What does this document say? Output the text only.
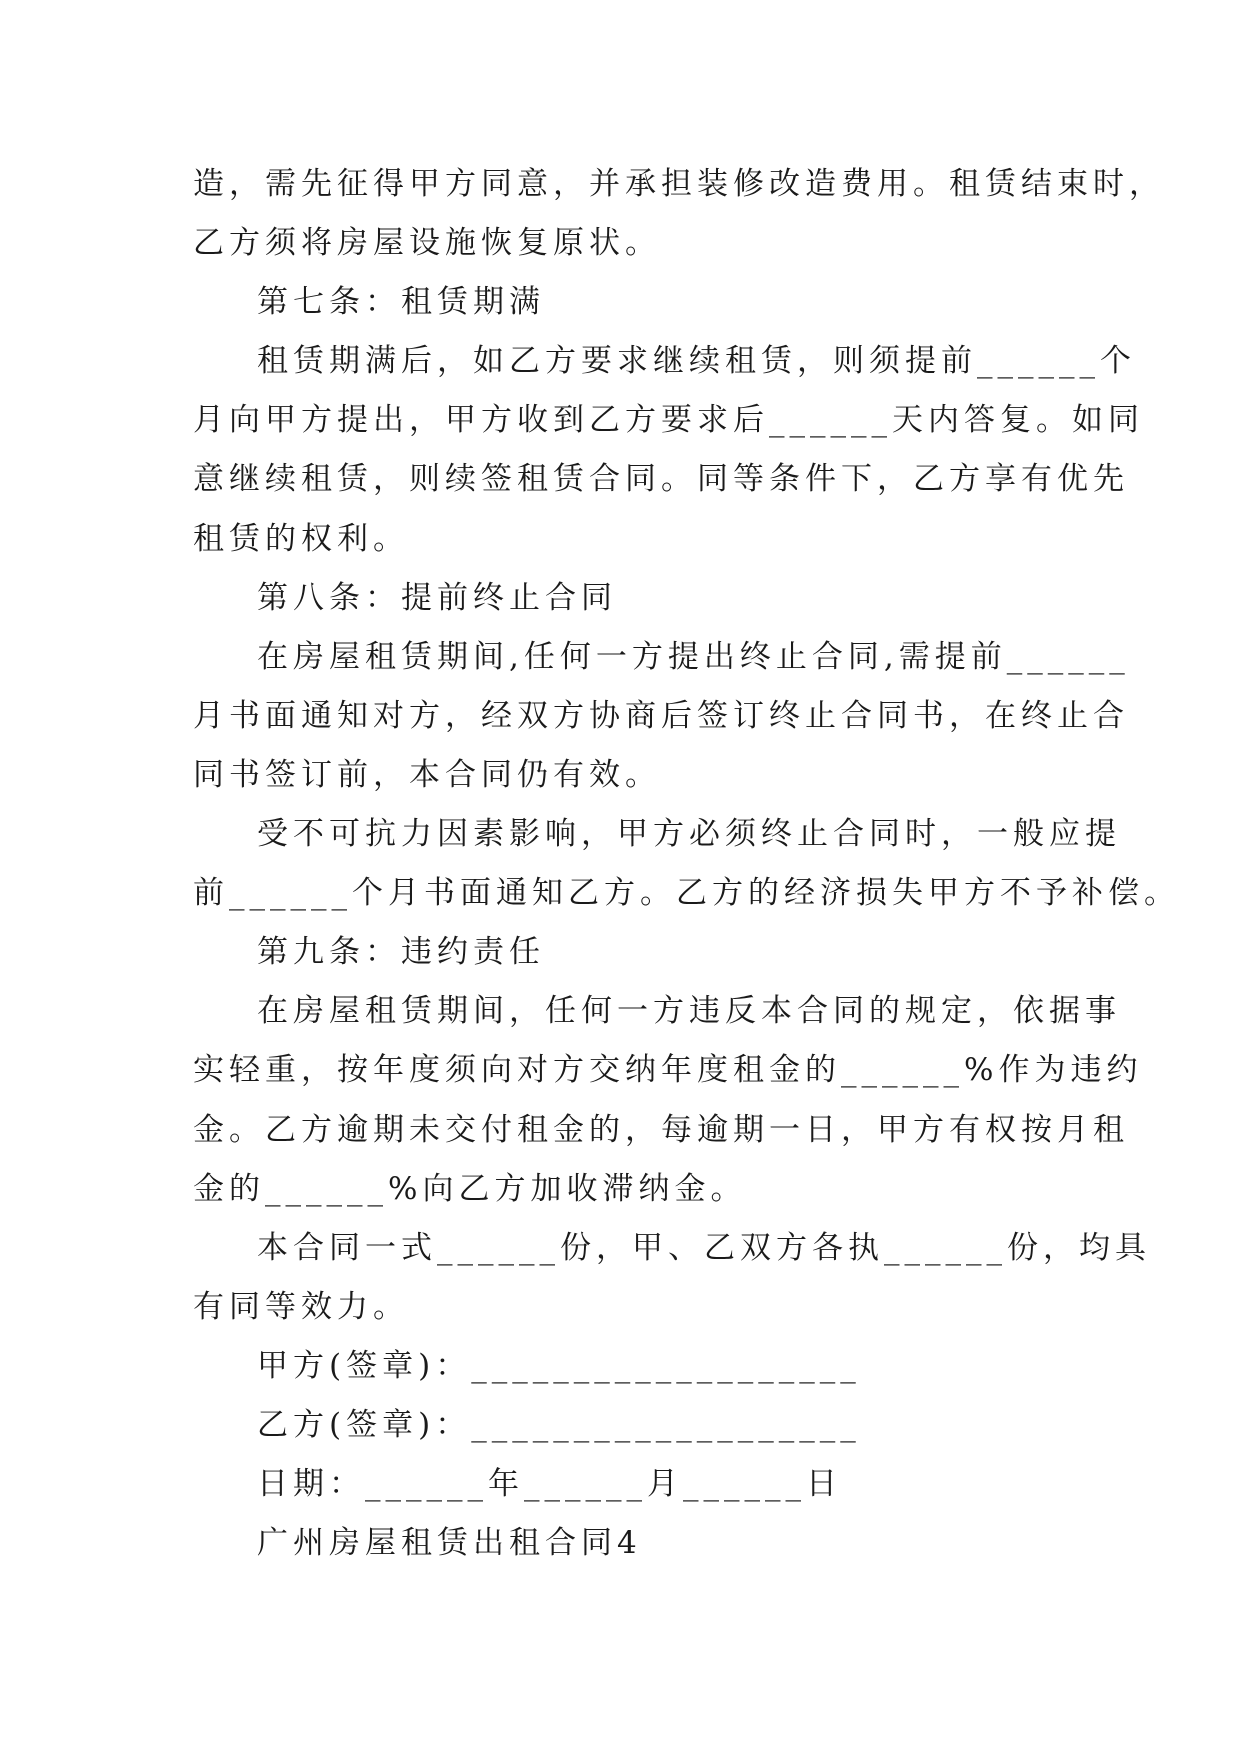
造，需先征得甲方同意，并承担装修改造费用。租赁结束时，

乙方须将房屋设施恢复原状。

第七条：租赁期满

租赁期满后，如乙方要求继续租赁，则须提前______个

月向甲方提出，甲方收到乙方要求后______天内答复。如同

意继续租赁，则续签租赁合同。同等条件下，乙方享有优先

租赁的权利。

第八条：提前终止合同

在房屋租赁期间,任何一方提出终止合同,需提前______

月书面通知对方，经双方协商后签订终止合同书，在终止合

同书签订前，本合同仍有效。

受不可抗力因素影响，甲方必须终止合同时，一般应提

前______个月书面通知乙方。乙方的经济损失甲方不予补偿。

第九条：违约责任

在房屋租赁期间，任何一方违反本合同的规定，依据事

实轻重，按年度须向对方交纳年度租金的______%作为违约

金。乙方逾期未交付租金的，每逾期一日，甲方有权按月租

金的______%向乙方加收滞纳金。

本合同一式______份，甲、乙双方各执______份，均具

有同等效力。

甲方(签章)：___________________

乙方(签章)：___________________

日期：______年______月______日

广州房屋租赁出租合同4
